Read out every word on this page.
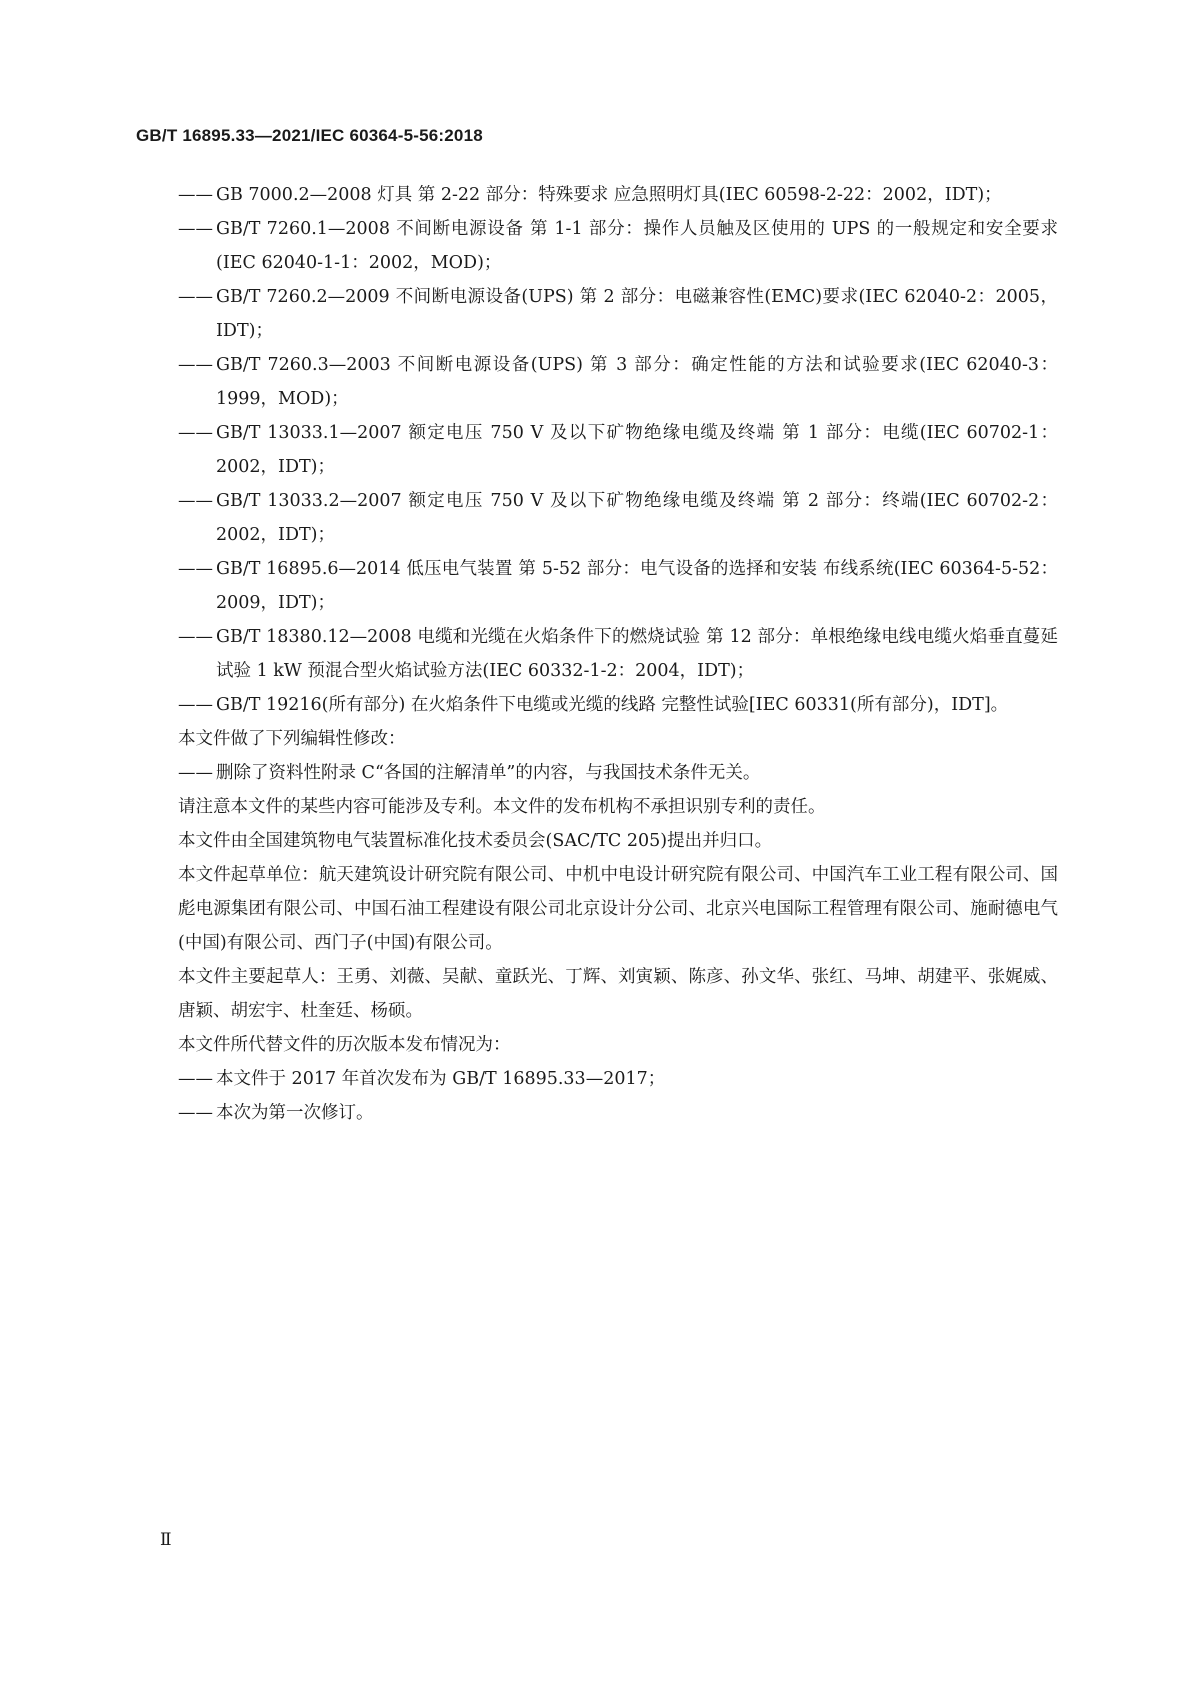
GB/T 16895.33—2021/IEC 60364-5-56:2018
—— GB 7000.2—2008 灯具 第 2-22 部分：特殊要求 应急照明灯具(IEC 60598-2-22：2002，IDT)；
—— GB/T 7260.1—2008 不间断电源设备 第 1-1 部分：操作人员触及区使用的 UPS 的一般规定和安全要求(IEC 62040-1-1：2002，MOD)；
—— GB/T 7260.2—2009 不间断电源设备(UPS) 第 2 部分：电磁兼容性(EMC)要求(IEC 62040-2：2005，IDT)；
—— GB/T 7260.3—2003 不间断电源设备(UPS) 第 3 部分：确定性能的方法和试验要求(IEC 62040-3：1999，MOD)；
—— GB/T 13033.1—2007 额定电压 750 V 及以下矿物绝缘电缆及终端 第 1 部分：电缆(IEC 60702-1：2002，IDT)；
—— GB/T 13033.2—2007 额定电压 750 V 及以下矿物绝缘电缆及终端 第 2 部分：终端(IEC 60702-2：2002，IDT)；
—— GB/T 16895.6—2014 低压电气装置 第 5-52 部分：电气设备的选择和安装 布线系统(IEC 60364-5-52：2009，IDT)；
—— GB/T 18380.12—2008 电缆和光缆在火焰条件下的燃烧试验 第 12 部分：单根绝缘电线电缆火焰垂直蔓延试验 1 kW 预混合型火焰试验方法(IEC 60332-1-2：2004，IDT)；
—— GB/T 19216(所有部分) 在火焰条件下电缆或光缆的线路 完整性试验[IEC 60331(所有部分)，IDT]。
本文件做了下列编辑性修改：
—— 删除了资料性附录 C“各国的注解清单”的内容，与我国技术条件无关。
请注意本文件的某些内容可能涉及专利。本文件的发布机构不承担识别专利的责任。
本文件由全国建筑物电气装置标准化技术委员会(SAC/TC 205)提出并归口。
本文件起草单位：航天建筑设计研究院有限公司、中机中电设计研究院有限公司、中国汽车工业工程有限公司、国彪电源集团有限公司、中国石油工程建设有限公司北京设计分公司、北京兴电国际工程管理有限公司、施耐德电气(中国)有限公司、西门子(中国)有限公司。
本文件主要起草人：王勇、刘薇、吴献、童跃光、丁辉、刘寅颖、陈彦、孙文华、张红、马坤、胡建平、张娓威、唐颖、胡宏宇、杜奎廷、杨硕。
本文件所代替文件的历次版本发布情况为：
—— 本文件于 2017 年首次发布为 GB/T 16895.33—2017；
—— 本次为第一次修订。
Ⅱ
